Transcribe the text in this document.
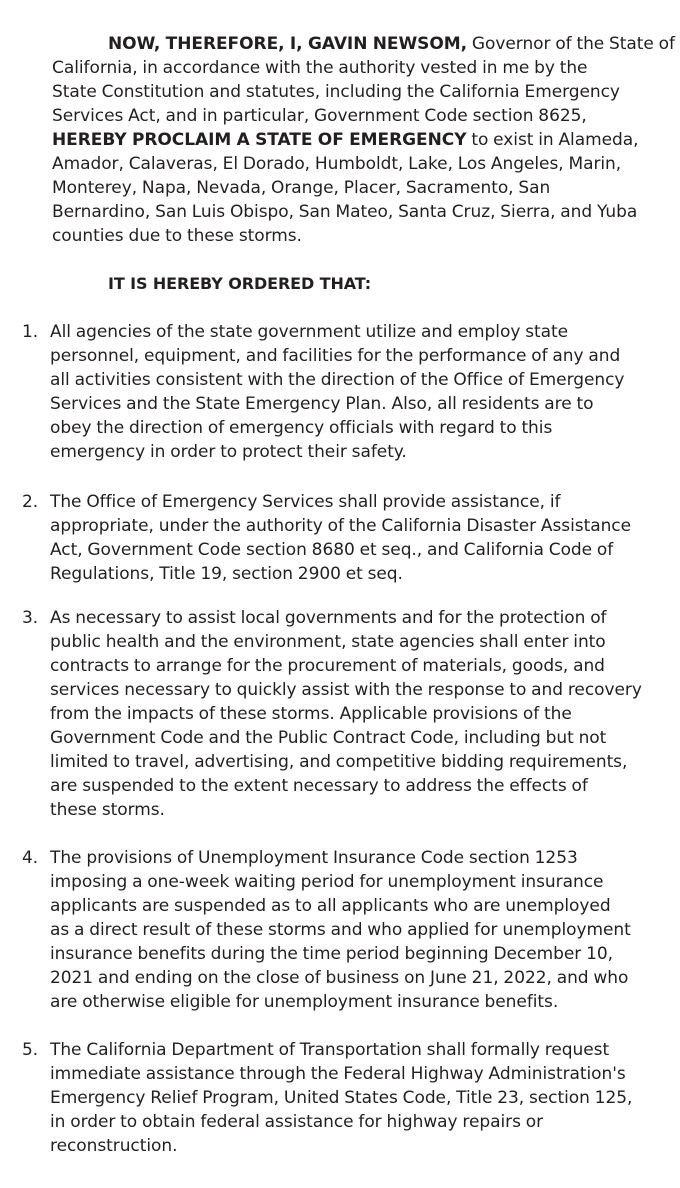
NOW, THEREFORE, I, GAVIN NEWSOM, Governor of the State of
California, in accordance with the authority vested in me by the
State Constitution and statutes, including the California Emergency
Services Act, and in particular, Government Code section 8625,
HEREBY PROCLAIM A STATE OF EMERGENCY to exist in Alameda,
Amador, Calaveras, El Dorado, Humboldt, Lake, Los Angeles, Marin,
Monterey, Napa, Nevada, Orange, Placer, Sacramento, San
Bernardino, San Luis Obispo, San Mateo, Santa Cruz, Sierra, and Yuba
counties due to these storms.
IT IS HEREBY ORDERED THAT:
1. All agencies of the state government utilize and employ state
personnel, equipment, and facilities for the performance of any and
all activities consistent with the direction of the Office of Emergency
Services and the State Emergency Plan. Also, all residents are to
obey the direction of emergency officials with regard to this
emergency in order to protect their safety.
2. The Office of Emergency Services shall provide assistance, if
appropriate, under the authority of the California Disaster Assistance
Act, Government Code section 8680 et seq., and California Code of
Regulations, Title 19, section 2900 et seq.
3. As necessary to assist local governments and for the protection of
public health and the environment, state agencies shall enter into
contracts to arrange for the procurement of materials, goods, and
services necessary to quickly assist with the response to and recovery
from the impacts of these storms. Applicable provisions of the
Government Code and the Public Contract Code, including but not
limited to travel, advertising, and competitive bidding requirements,
are suspended to the extent necessary to address the effects of
these storms.
4. The provisions of Unemployment Insurance Code section 1253
imposing a one-week waiting period for unemployment insurance
applicants are suspended as to all applicants who are unemployed
as a direct result of these storms and who applied for unemployment
insurance benefits during the time period beginning December 10,
2021 and ending on the close of business on June 21, 2022, and who
are otherwise eligible for unemployment insurance benefits.
5. The California Department of Transportation shall formally request
immediate assistance through the Federal Highway Administration's
Emergency Relief Program, United States Code, Title 23, section 125,
in order to obtain federal assistance for highway repairs or
reconstruction.
